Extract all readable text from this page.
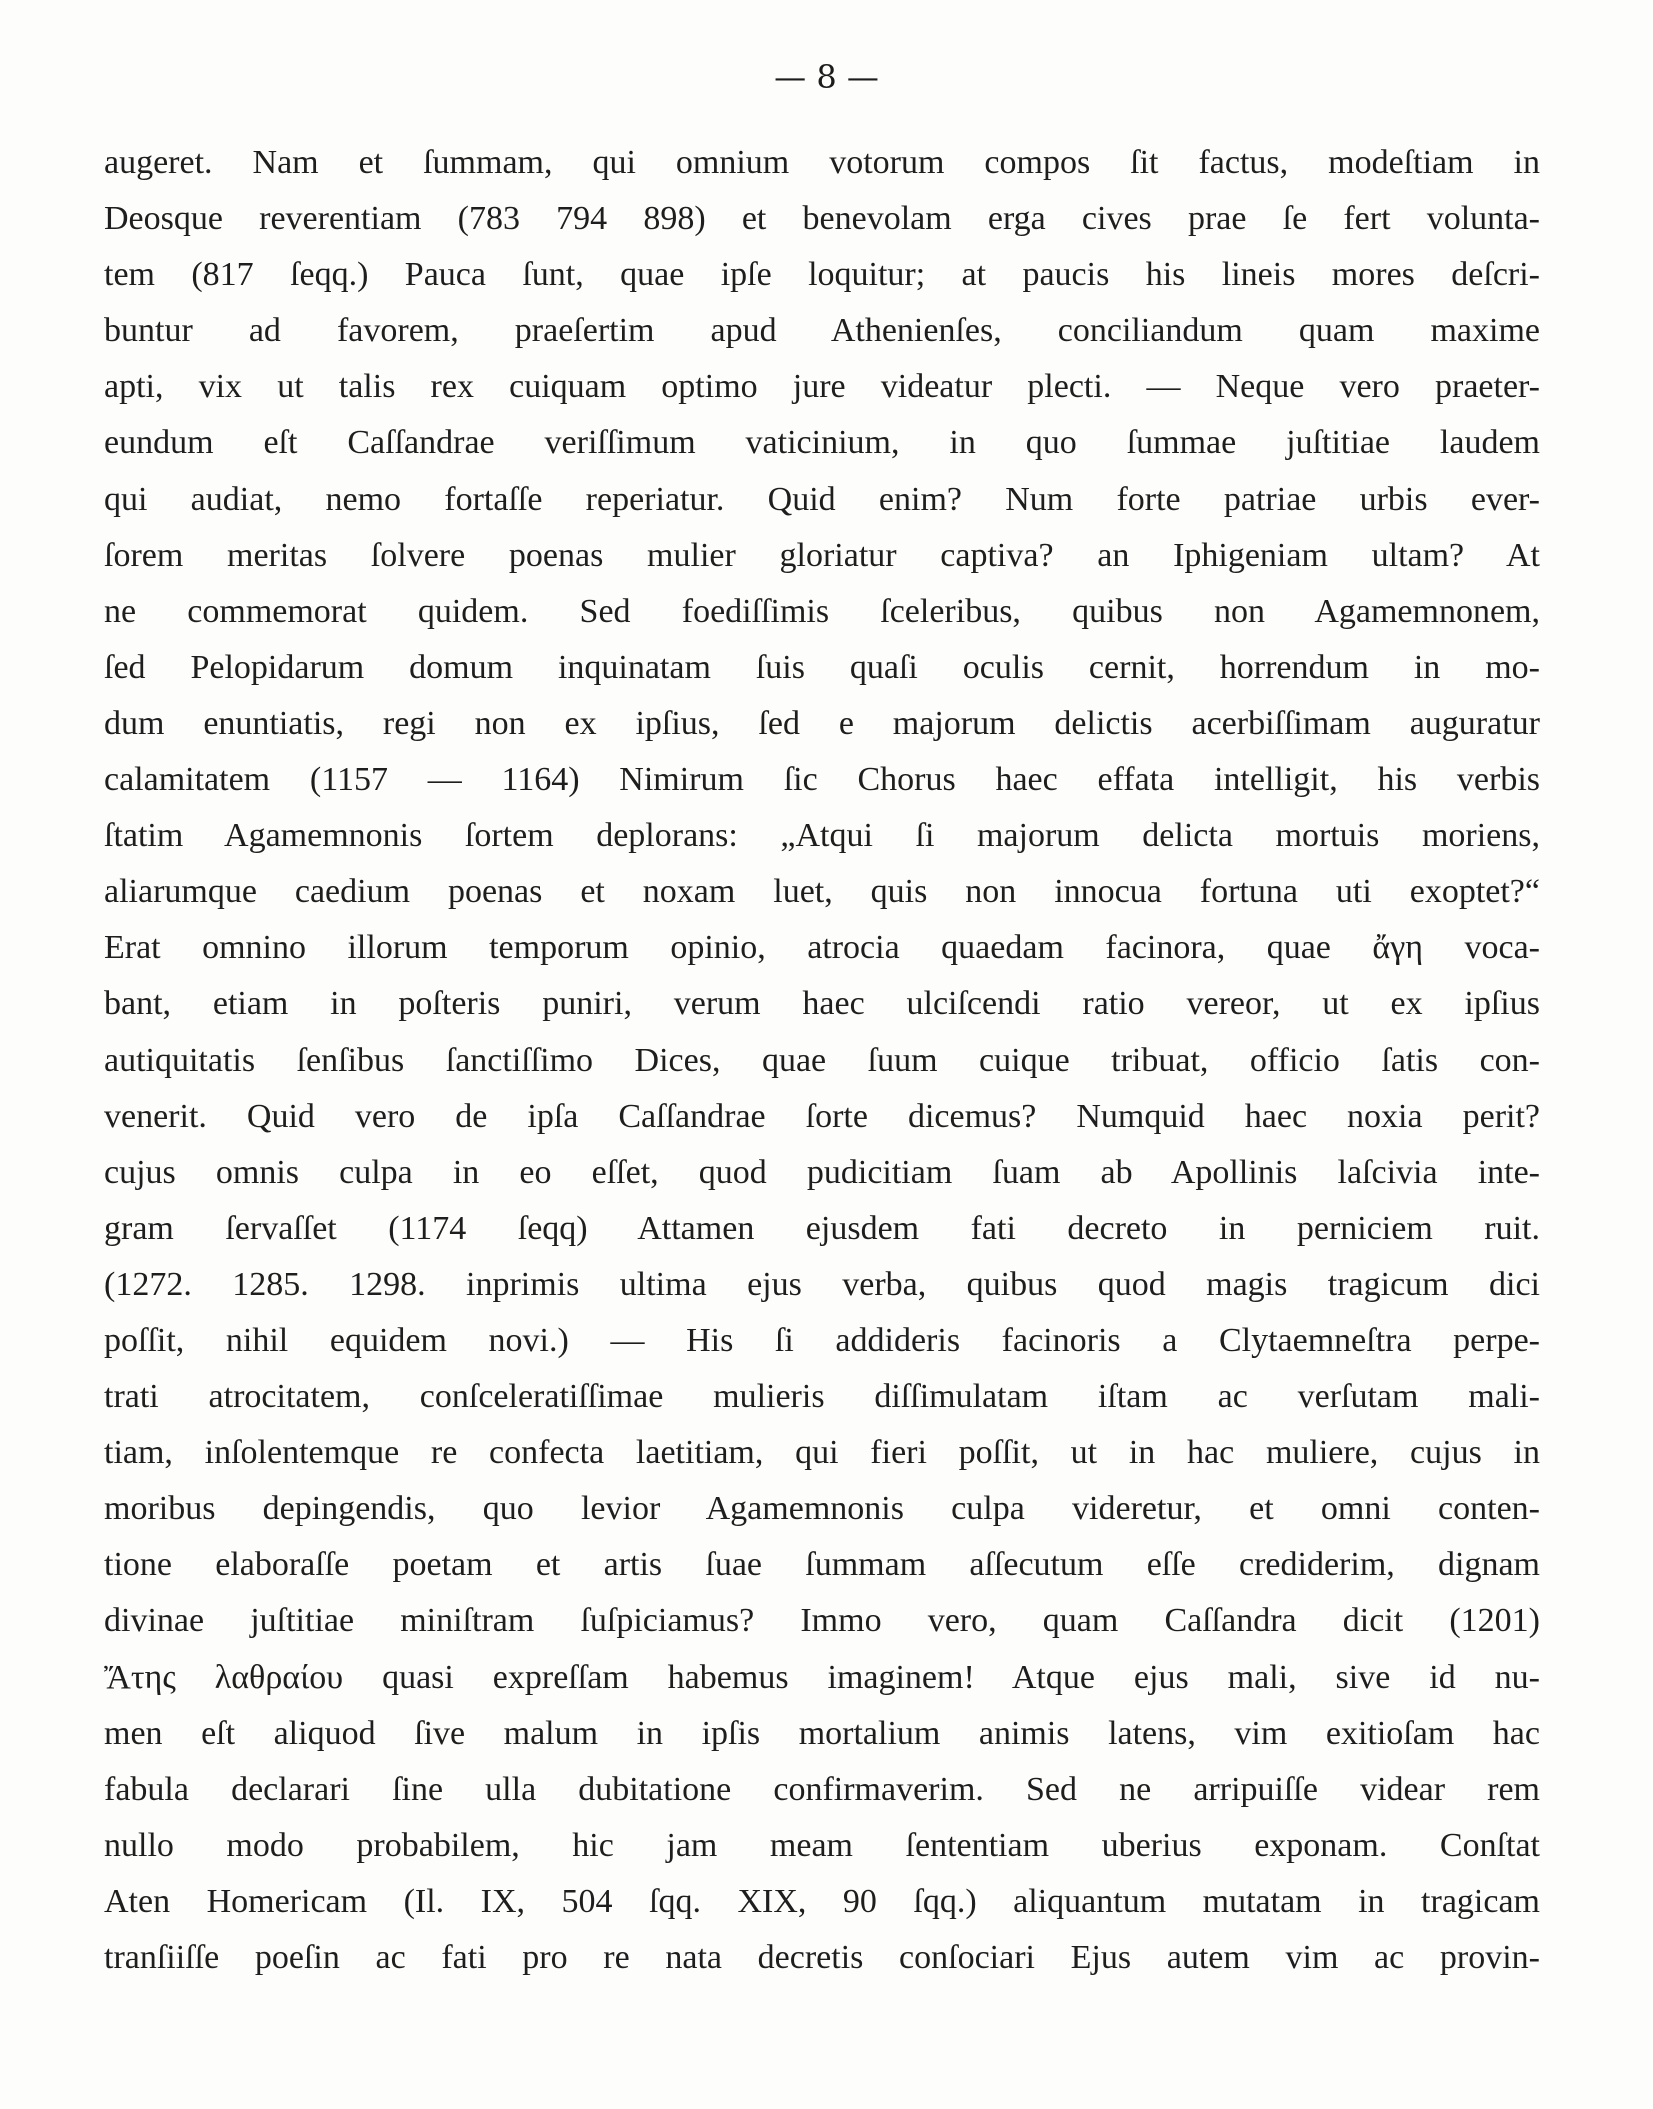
— 8 —
augeret. Nam et ſummam, qui omnium votorum compos ſit factus, modeſtiam in
Deosque reverentiam (783 794 898) et benevolam erga cives prae ſe fert volunta-
tem (817 ſeqq.) Pauca ſunt, quae ipſe loquitur; at paucis his lineis mores deſcri-
buntur ad favorem, praeſertim apud Athenienſes, conciliandum quam maxime
apti, vix ut talis rex cuiquam optimo jure videatur plecti. — Neque vero praeter-
eundum eſt Caſſandrae veriſſimum vaticinium, in quo ſummae juſtitiae laudem
qui audiat, nemo fortaſſe reperiatur. Quid enim? Num forte patriae urbis ever-
ſorem meritas ſolvere poenas mulier gloriatur captiva? an Iphigeniam ultam? At
ne commemorat quidem. Sed foediſſimis ſceleribus, quibus non Agamemnonem,
ſed Pelopidarum domum inquinatam ſuis quaſi oculis cernit, horrendum in mo-
dum enuntiatis, regi non ex ipſius, ſed e majorum delictis acerbiſſimam auguratur
calamitatem (1157 — 1164) Nimirum ſic Chorus haec effata intelligit, his verbis
ſtatim Agamemnonis ſortem deplorans: „Atqui ſi majorum delicta mortuis moriens,
aliarumque caedium poenas et noxam luet, quis non innocua fortuna uti exoptet?“
Erat omnino illorum temporum opinio, atrocia quaedam facinora, quae ἄγη voca-
bant, etiam in poſteris puniri, verum haec ulciſcendi ratio vereor, ut ex ipſius
autiquitatis ſenſibus ſanctiſſimo Dices, quae ſuum cuique tribuat, officio ſatis con-
venerit. Quid vero de ipſa Caſſandrae ſorte dicemus? Numquid haec noxia perit?
cujus omnis culpa in eo eſſet, quod pudicitiam ſuam ab Apollinis laſcivia inte-
gram ſervaſſet (1174 ſeqq) Attamen ejusdem fati decreto in perniciem ruit.
(1272. 1285. 1298. inprimis ultima ejus verba, quibus quod magis tragicum dici
poſſit, nihil equidem novi.) — His ſi addideris facinoris a Clytaemneſtra perpe-
trati atrocitatem, conſceleratiſſimae mulieris diſſimulatam iſtam ac verſutam mali-
tiam, inſolentemque re confecta laetitiam, qui fieri poſſit, ut in hac muliere, cujus in
moribus depingendis, quo levior Agamemnonis culpa videretur, et omni conten-
tione elaboraſſe poetam et artis ſuae ſummam aſſecutum eſſe crediderim, dignam
divinae juſtitiae miniſtram ſuſpiciamus? Immo vero, quam Caſſandra dicit (1201)
Ἄτης λαθραίου quasi expreſſam habemus imaginem! Atque ejus mali, sive id nu-
men eſt aliquod ſive malum in ipſis mortalium animis latens, vim exitioſam hac
fabula declarari ſine ulla dubitatione confirmaverim. Sed ne arripuiſſe videar rem
nullo modo probabilem, hic jam meam ſententiam uberius exponam. Conſtat
Aten Homericam (Il. IX, 504 ſqq. XIX, 90 ſqq.) aliquantum mutatam in tragicam
tranſiiſſe poeſin ac fati pro re nata decretis conſociari Ejus autem vim ac provin-
